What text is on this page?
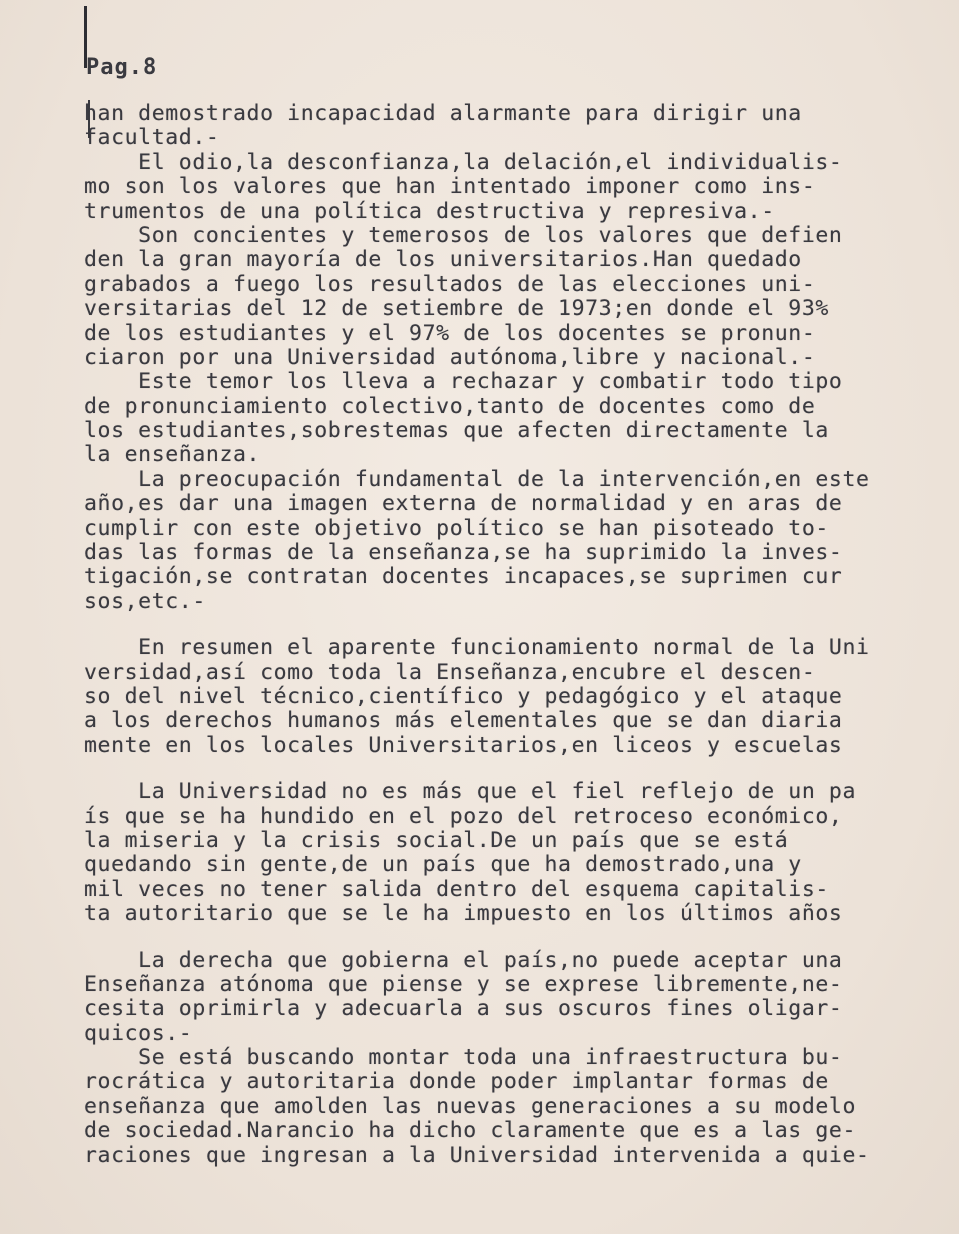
Pag.8
han demostrado incapacidad alarmante para dirigir una
facultad.-
El odio,la desconfianza,la delación,el individualis-
mo son los valores que han intentado imponer como ins-
trumentos de una política destructiva y represiva.-
Son concientes y temerosos de los valores que defien
den la gran mayoría de los universitarios.Han quedado
grabados a fuego los resultados de las elecciones uni-
versitarias del 12 de setiembre de 1973;en donde el 93%
de los estudiantes y el 97% de los docentes se pronun-
ciaron por una Universidad autónoma,libre y nacional.-
Este temor los lleva a rechazar y combatir todo tipo
de pronunciamiento colectivo,tanto de docentes como de
los estudiantes,sobrestemas que afecten directamente la
la enseñanza.
La preocupación fundamental de la intervención,en este
año,es dar una imagen externa de normalidad y en aras de
cumplir con este objetivo político se han pisoteado to-
das las formas de la enseñanza,se ha suprimido la inves-
tigación,se contratan docentes incapaces,se suprimen cur
sos,etc.-
En resumen el aparente funcionamiento normal de la Uni
versidad,así como toda la Enseñanza,encubre el descen-
so del nivel técnico,científico y pedagógico y el ataque
a los derechos humanos más elementales que se dan diaria
mente en los locales Universitarios,en liceos y escuelas
La Universidad no es más que el fiel reflejo de un pa
ís que se ha hundido en el pozo del retroceso económico,
la miseria y la crisis social.De un país que se está
quedando sin gente,de un país que ha demostrado,una y
mil veces no tener salida dentro del esquema capitalis-
ta autoritario que se le ha impuesto en los últimos años
La derecha que gobierna el país,no puede aceptar una
Enseñanza atónoma que piense y se exprese libremente,ne-
cesita oprimirla y adecuarla a sus oscuros fines oligar-
quicos.-
Se está buscando montar toda una infraestructura bu-
rocrática y autoritaria donde poder implantar formas de
enseñanza que amolden las nuevas generaciones a su modelo
de sociedad.Narancio ha dicho claramente que es a las ge-
raciones que ingresan a la Universidad intervenida a quie-
